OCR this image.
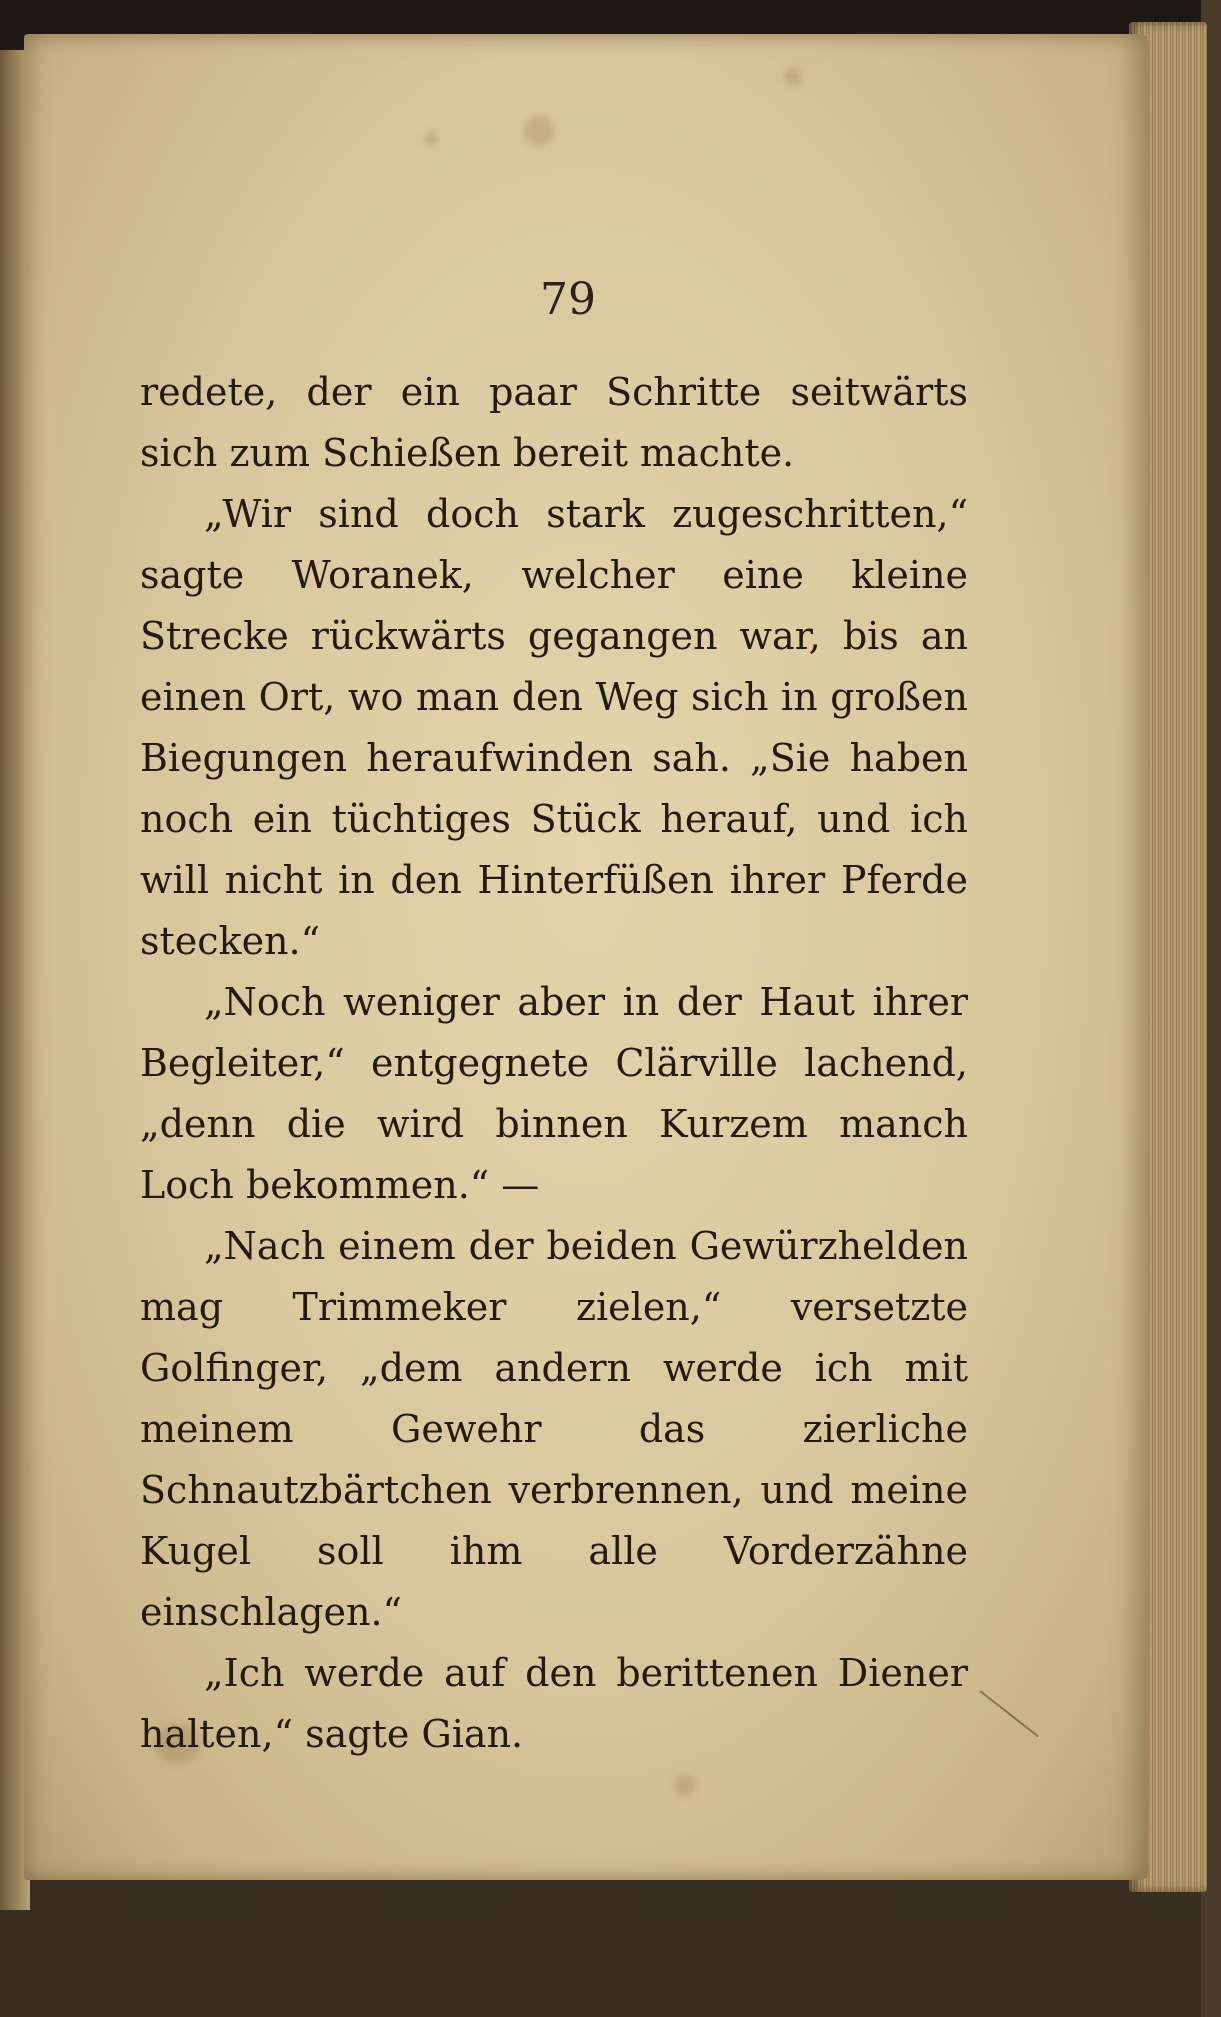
79

redete, der ein paar Schritte seitwärts sich zum Schießen bereit machte.

„Wir sind doch stark zugeschritten,“ sagte Woranek, welcher eine kleine Strecke rückwärts gegangen war, bis an einen Ort, wo man den Weg sich in großen Biegungen heraufwinden sah. „Sie haben noch ein tüchtiges Stück herauf, und ich will nicht in den Hinterfüßen ihrer Pferde stecken.“

„Noch weniger aber in der Haut ihrer Begleiter,“ entgegnete Clärville lachend, „denn die wird binnen Kurzem manch Loch bekommen.“ —

„Nach einem der beiden Gewürzhelden mag Trimmeker zielen,“ versetzte Golfinger, „dem andern werde ich mit meinem Gewehr das zierliche Schnautzbärtchen verbrennen, und meine Kugel soll ihm alle Vorderzähne einschlagen.“

„Ich werde auf den berittenen Diener halten,“ sagte Gian.
